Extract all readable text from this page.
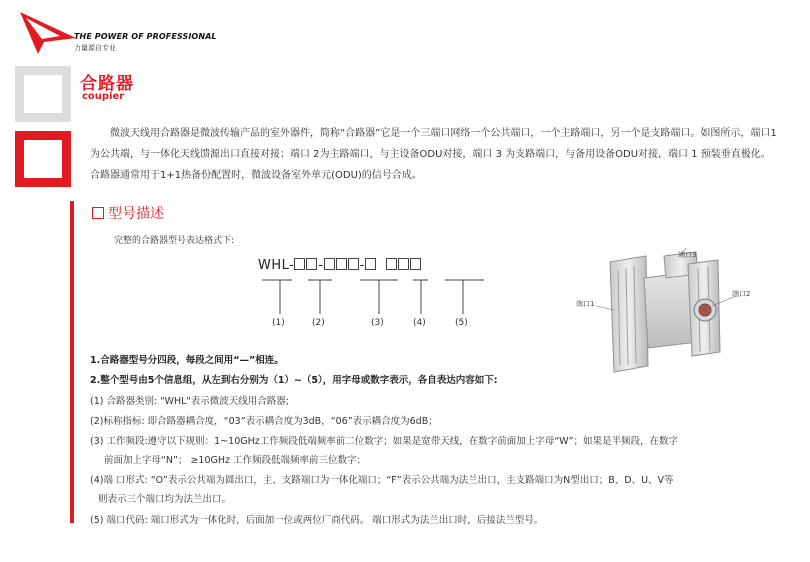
THE POWER OF PROFESSIONAL
力量源自专业
合路器
coupier
微波天线用合路器是微波传输产品的室外器件，简称“合路器”它是一个三端口网络一个公共端口，一个主路端口，另一个是支路端口。如图所示，端口1 为公共端，与一体化天线馈源出口直接对接；端口 2为主路端口，与主设备ODU对接，端口 3 为支路端口，与备用设备ODU对接，端口 1 预装垂直极化。合路器通常用于1+1热备份配置时，微波设备室外单元(ODU)的信号合成。
型号描述
完整的合路器型号表达格式下:
WHL- -	-
(1)	(2)	(3)	(4)	(5)
端口3
端口2
端口1
1.合路器型号分四段，每段之间用“—”相连。
2.整个型号由5个信息组，从左到右分别为（1）~（5），用字母或数字表示，各自表达内容如下:
(1) 合路器类别: "WHL"表示微波天线用合路器;
(2)标称指标: 即合路器耦合度，“03”表示耦合度为3dB，“06”表示耦合度为6dB；
(3) 工作频段:遵守以下规则：1~10GHz工作频段低端频率前二位数字；如果是宽带天线，在数字前面加上字母“W”；如果是半频段，在数字
前面加上字母“N”； ≥10GHz 工作频段低端频率前三位数字；
(4)端 口形式: “O”表示公共端为圆出口，主、支路端口为一体化端口；“F”表示公共端为法兰出口，主支路端口为N型出口；B、D、U、V等
则表示三个端口均为法兰出口。
(5) 端口代码: 端口形式为一体化时，后面加一位或两位厂商代码。 端口形式为法兰出口时，后接法兰型号。
